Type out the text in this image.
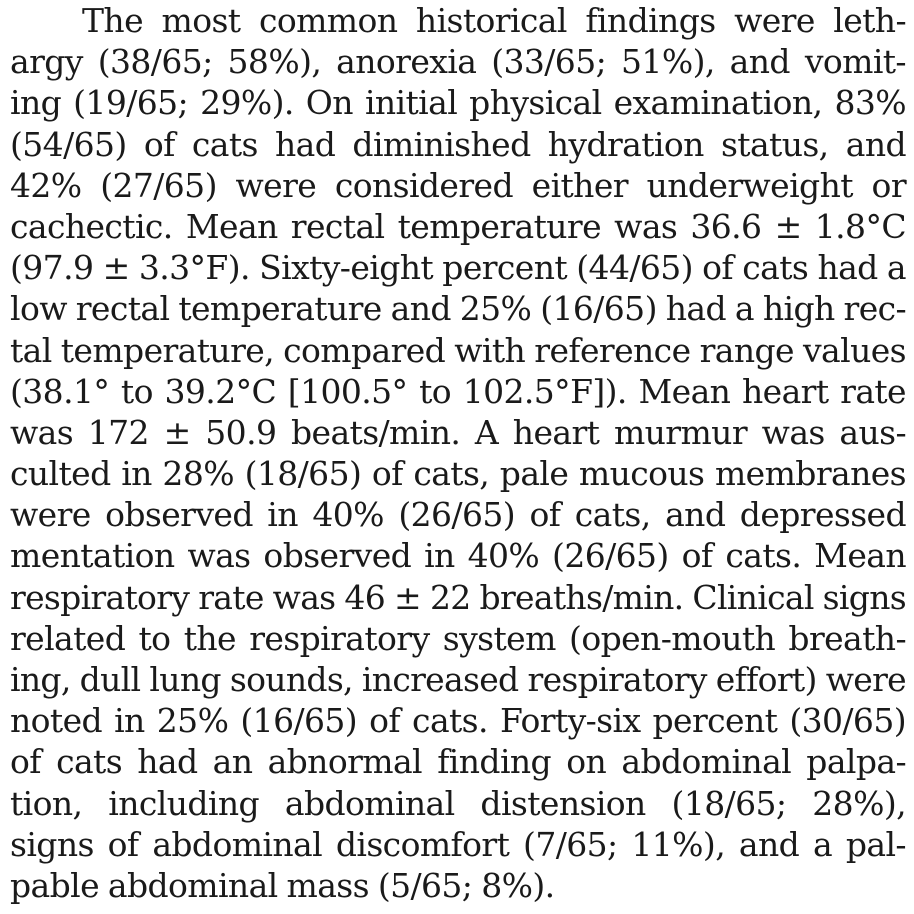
The most common historical findings were leth-
argy (38/65; 58%), anorexia (33/65; 51%), and vomit-
ing (19/65; 29%). On initial physical examination, 83%
(54/65) of cats had diminished hydration status, and
42% (27/65) were considered either underweight or
cachectic. Mean rectal temperature was 36.6 ± 1.8°C
(97.9 ± 3.3°F). Sixty-eight percent (44/65) of cats had a
low rectal temperature and 25% (16/65) had a high rec-
tal temperature, compared with reference range values
(38.1° to 39.2°C [100.5° to 102.5°F]). Mean heart rate
was 172 ± 50.9 beats/min. A heart murmur was aus-
culted in 28% (18/65) of cats, pale mucous membranes
were observed in 40% (26/65) of cats, and depressed
mentation was observed in 40% (26/65) of cats. Mean
respiratory rate was 46 ± 22 breaths/min. Clinical signs
related to the respiratory system (open-mouth breath-
ing, dull lung sounds, increased respiratory effort) were
noted in 25% (16/65) of cats. Forty-six percent (30/65)
of cats had an abnormal finding on abdominal palpa-
tion, including abdominal distension (18/65; 28%),
signs of abdominal discomfort (7/65; 11%), and a pal-
pable abdominal mass (5/65; 8%).
